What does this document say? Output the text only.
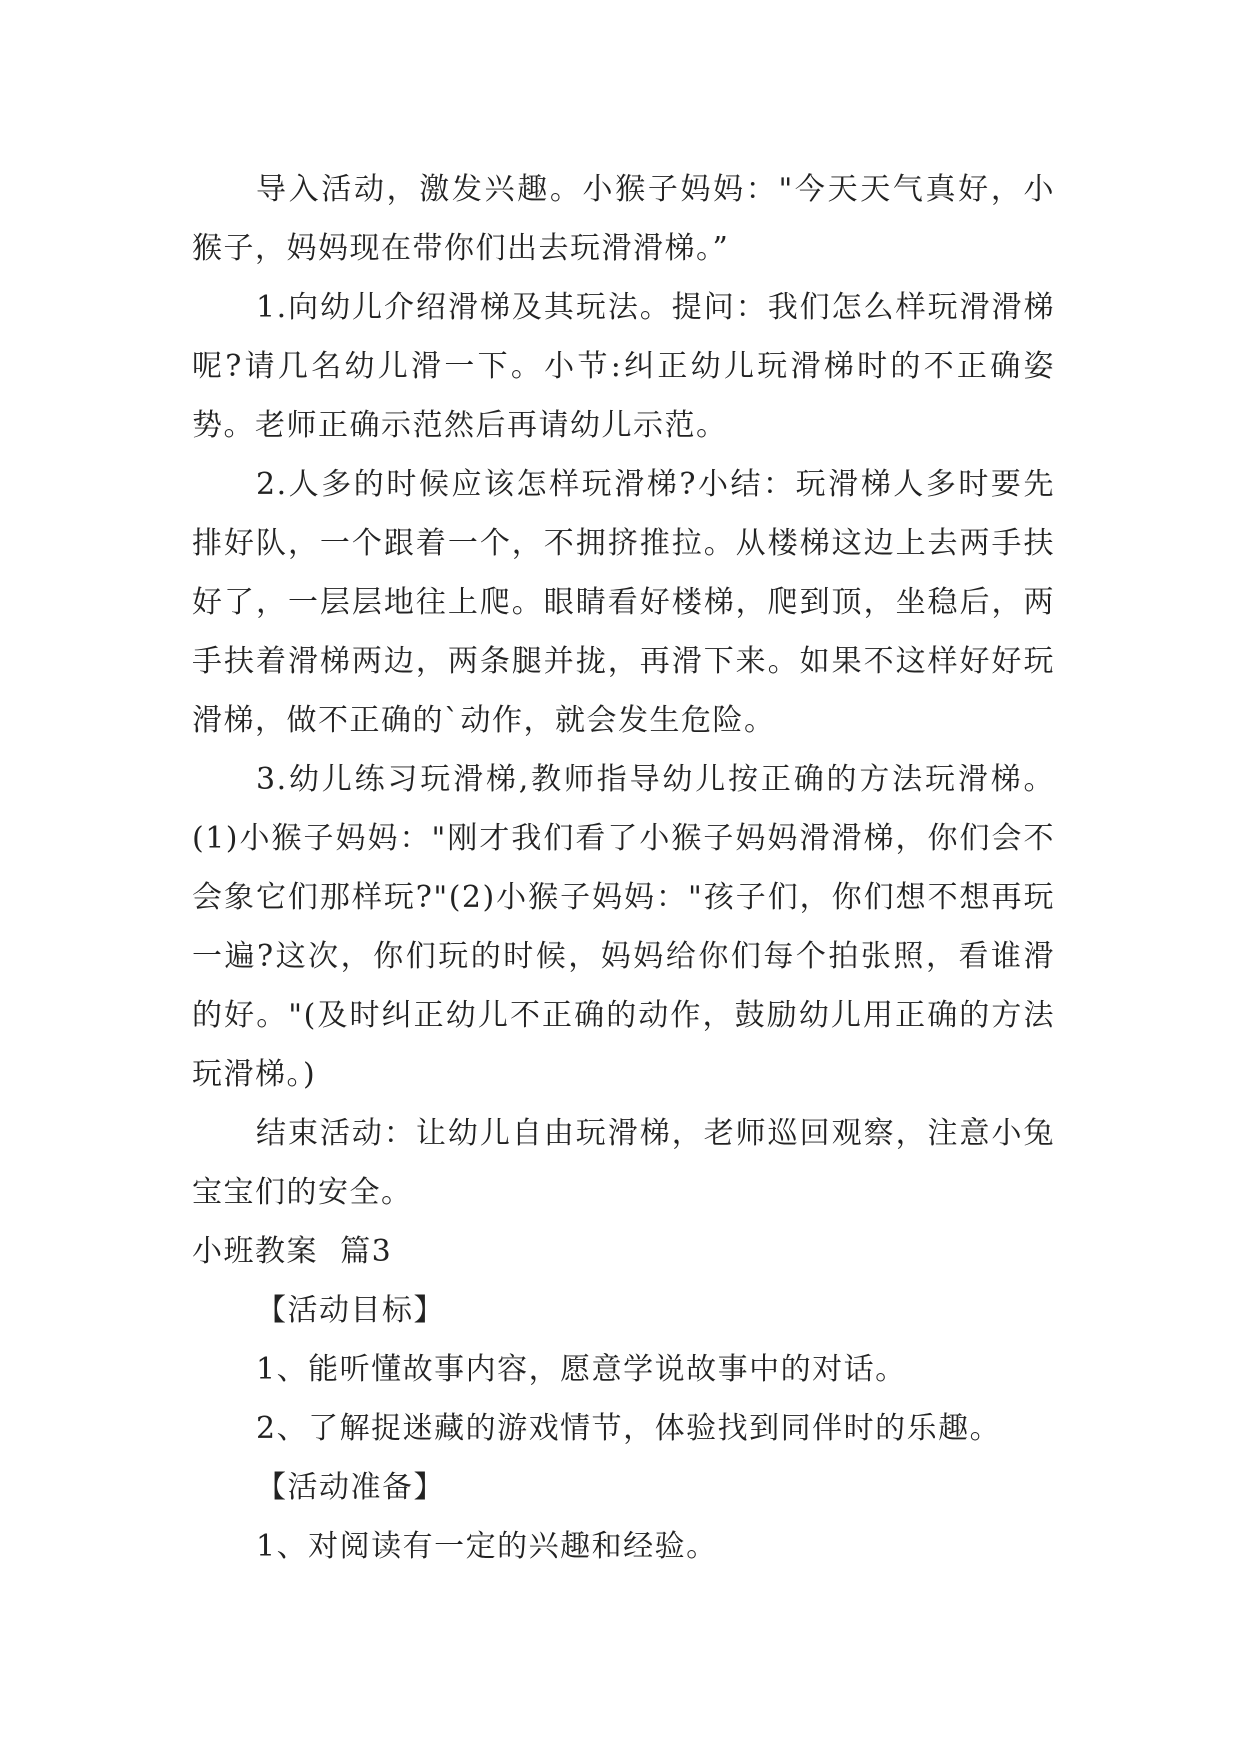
导入活动，激发兴趣。小猴子妈妈："今天天气真好，小猴子，妈妈现在带你们出去玩滑滑梯。”

1.向幼儿介绍滑梯及其玩法。提问：我们怎么样玩滑滑梯呢?请几名幼儿滑一下。小节:纠正幼儿玩滑梯时的不正确姿势。老师正确示范然后再请幼儿示范。

2.人多的时候应该怎样玩滑梯?小结：玩滑梯人多时要先排好队，一个跟着一个，不拥挤推拉。从楼梯这边上去两手扶好了，一层层地往上爬。眼睛看好楼梯，爬到顶，坐稳后，两手扶着滑梯两边，两条腿并拢，再滑下来。如果不这样好好玩滑梯，做不正确的`动作，就会发生危险。

3.幼儿练习玩滑梯,教师指导幼儿按正确的方法玩滑梯。(1)小猴子妈妈："刚才我们看了小猴子妈妈滑滑梯，你们会不会象它们那样玩?"(2)小猴子妈妈："孩子们，你们想不想再玩一遍?这次，你们玩的时候，妈妈给你们每个拍张照，看谁滑的好。"(及时纠正幼儿不正确的动作，鼓励幼儿用正确的方法玩滑梯。)

结束活动：让幼儿自由玩滑梯，老师巡回观察，注意小兔宝宝们的安全。

小班教案  篇3

【活动目标】

1、能听懂故事内容，愿意学说故事中的对话。

2、了解捉迷藏的游戏情节，体验找到同伴时的乐趣。

【活动准备】

1、对阅读有一定的兴趣和经验。
